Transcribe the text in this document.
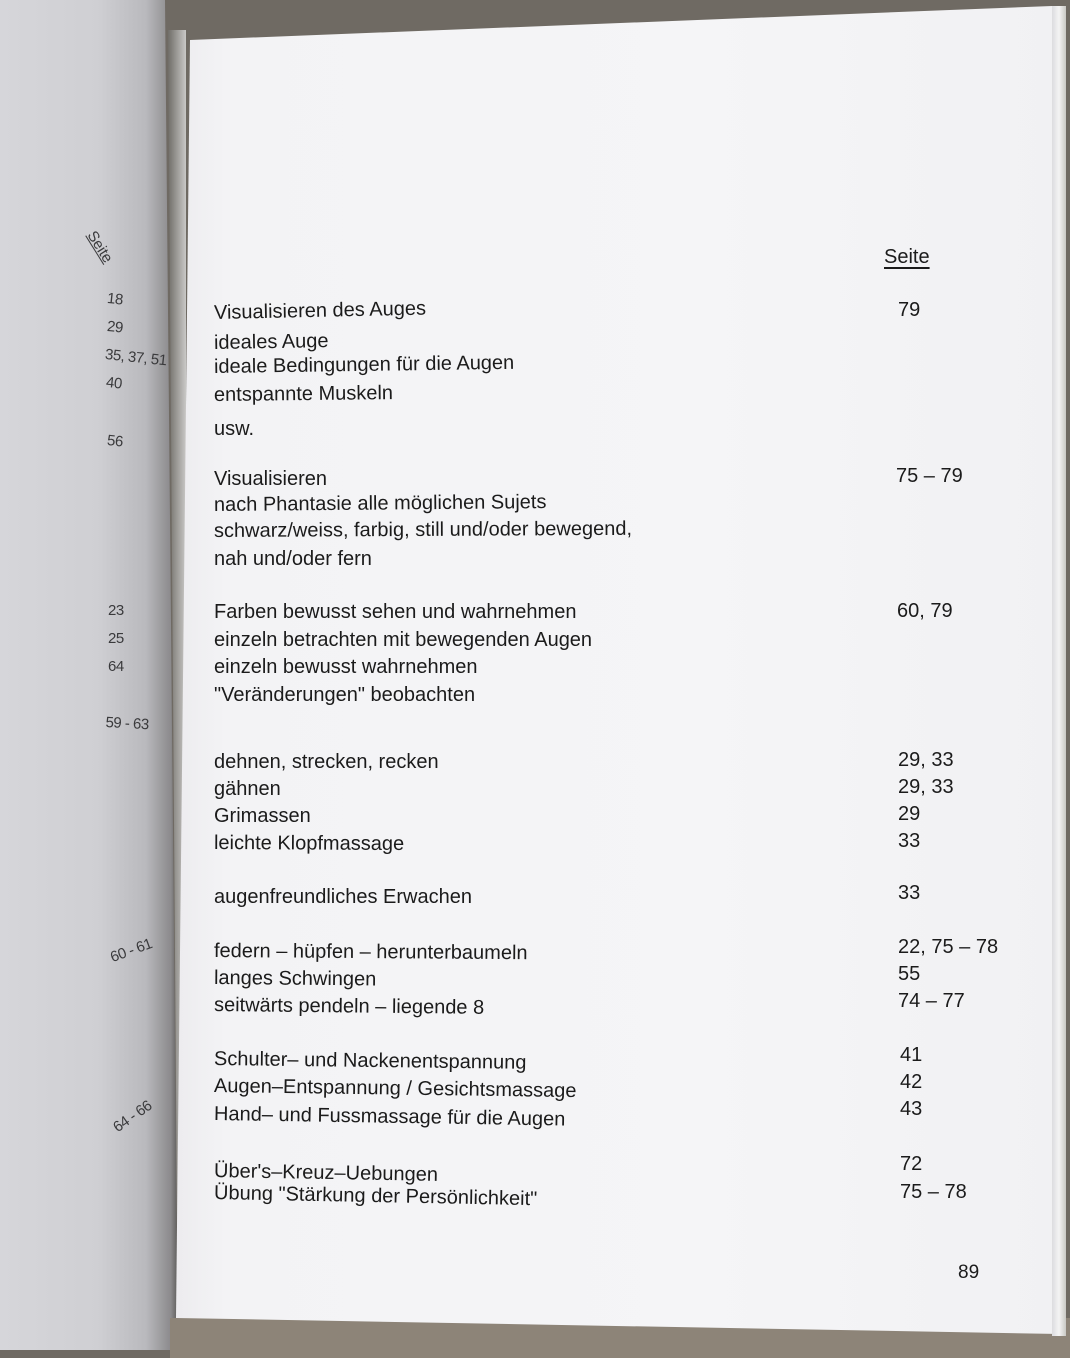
Seite
18
29
35, 37, 51
40
56
23
25
64
59 - 63
60 - 61
64 - 66
Seite
Visualisieren des Auges
ideales Auge
ideale Bedingungen für die Augen
entspannte Muskeln
usw.
79
Visualisieren
nach Phantasie alle möglichen Sujets
schwarz/weiss, farbig, still und/oder bewegend,
nah und/oder fern
75 – 79
Farben bewusst sehen und wahrnehmen
einzeln betrachten mit bewegenden Augen
einzeln bewusst wahrnehmen
"Veränderungen" beobachten
60, 79
dehnen, strecken, recken
gähnen
Grimassen
leichte Klopfmassage
29, 33
29, 33
29
33
augenfreundliches Erwachen	33
federn – hüpfen – herunterbaumeln
langes Schwingen
seitwärts pendeln – liegende 8
22, 75 – 78
55
74 – 77
Schulter– und Nackenentspannung
Augen–Entspannung / Gesichtsmassage
Hand– und Fussmassage für die Augen
41
42
43
Über's–Kreuz–Uebungen
Übung "Stärkung der Persönlichkeit"
72
75 – 78
89
